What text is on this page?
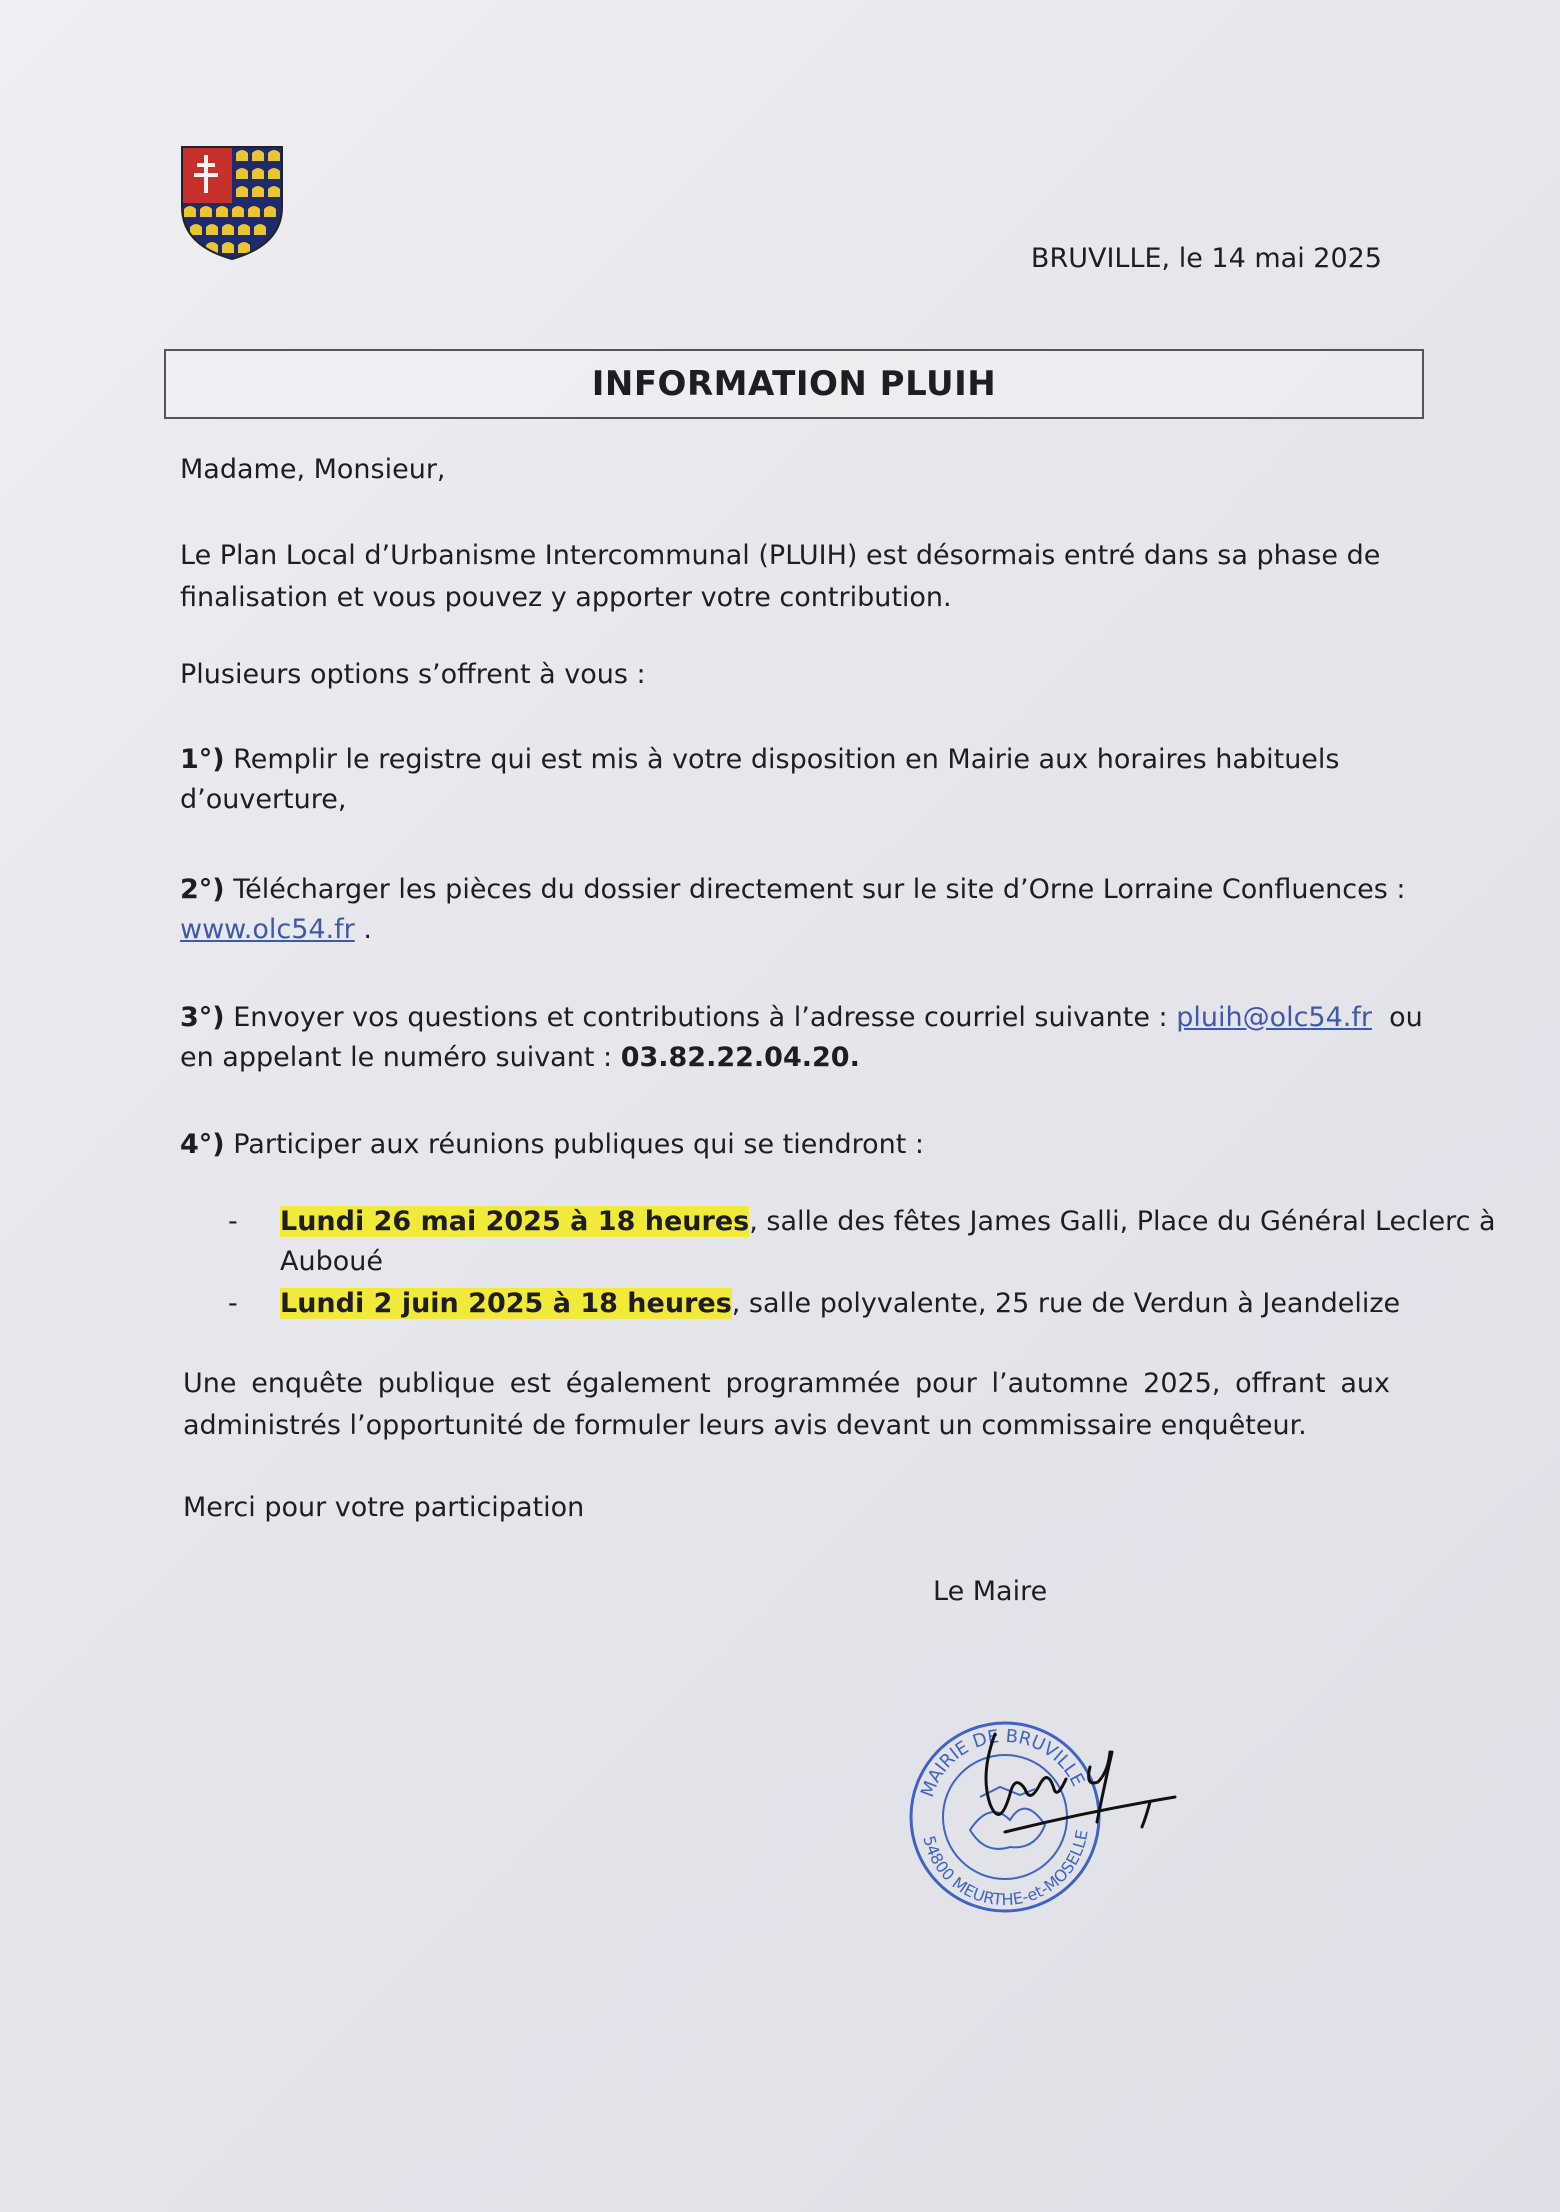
BRUVILLE, le 14 mai 2025
INFORMATION PLUIH
Madame, Monsieur,
Le Plan Local d’Urbanisme Intercommunal (PLUIH) est désormais entré dans sa phase de
finalisation et vous pouvez y apporter votre contribution.
Plusieurs options s’offrent à vous :
1°) Remplir le registre qui est mis à votre disposition en Mairie aux horaires habituels
d’ouverture,
2°) Télécharger les pièces du dossier directement sur le site d’Orne Lorraine Confluences :
www.olc54.fr .
3°) Envoyer vos questions et contributions à l’adresse courriel suivante : pluih@olc54.fr  ou
en appelant le numéro suivant : 03.82.22.04.20.
4°) Participer aux réunions publiques qui se tiendront :
-	Lundi 26 mai 2025 à 18 heures, salle des fêtes James Galli, Place du Général Leclerc à
Auboué
-	Lundi 2 juin 2025 à 18 heures, salle polyvalente, 25 rue de Verdun à Jeandelize
Une enquête publique est également programmée pour l’automne 2025, offrant aux administrés l’opportunité de formuler leurs avis devant un commissaire enquêteur.
Merci pour votre participation
Le Maire
MAIRIE DE BRUVILLE
54800 MEURTHE-et-MOSELLE
